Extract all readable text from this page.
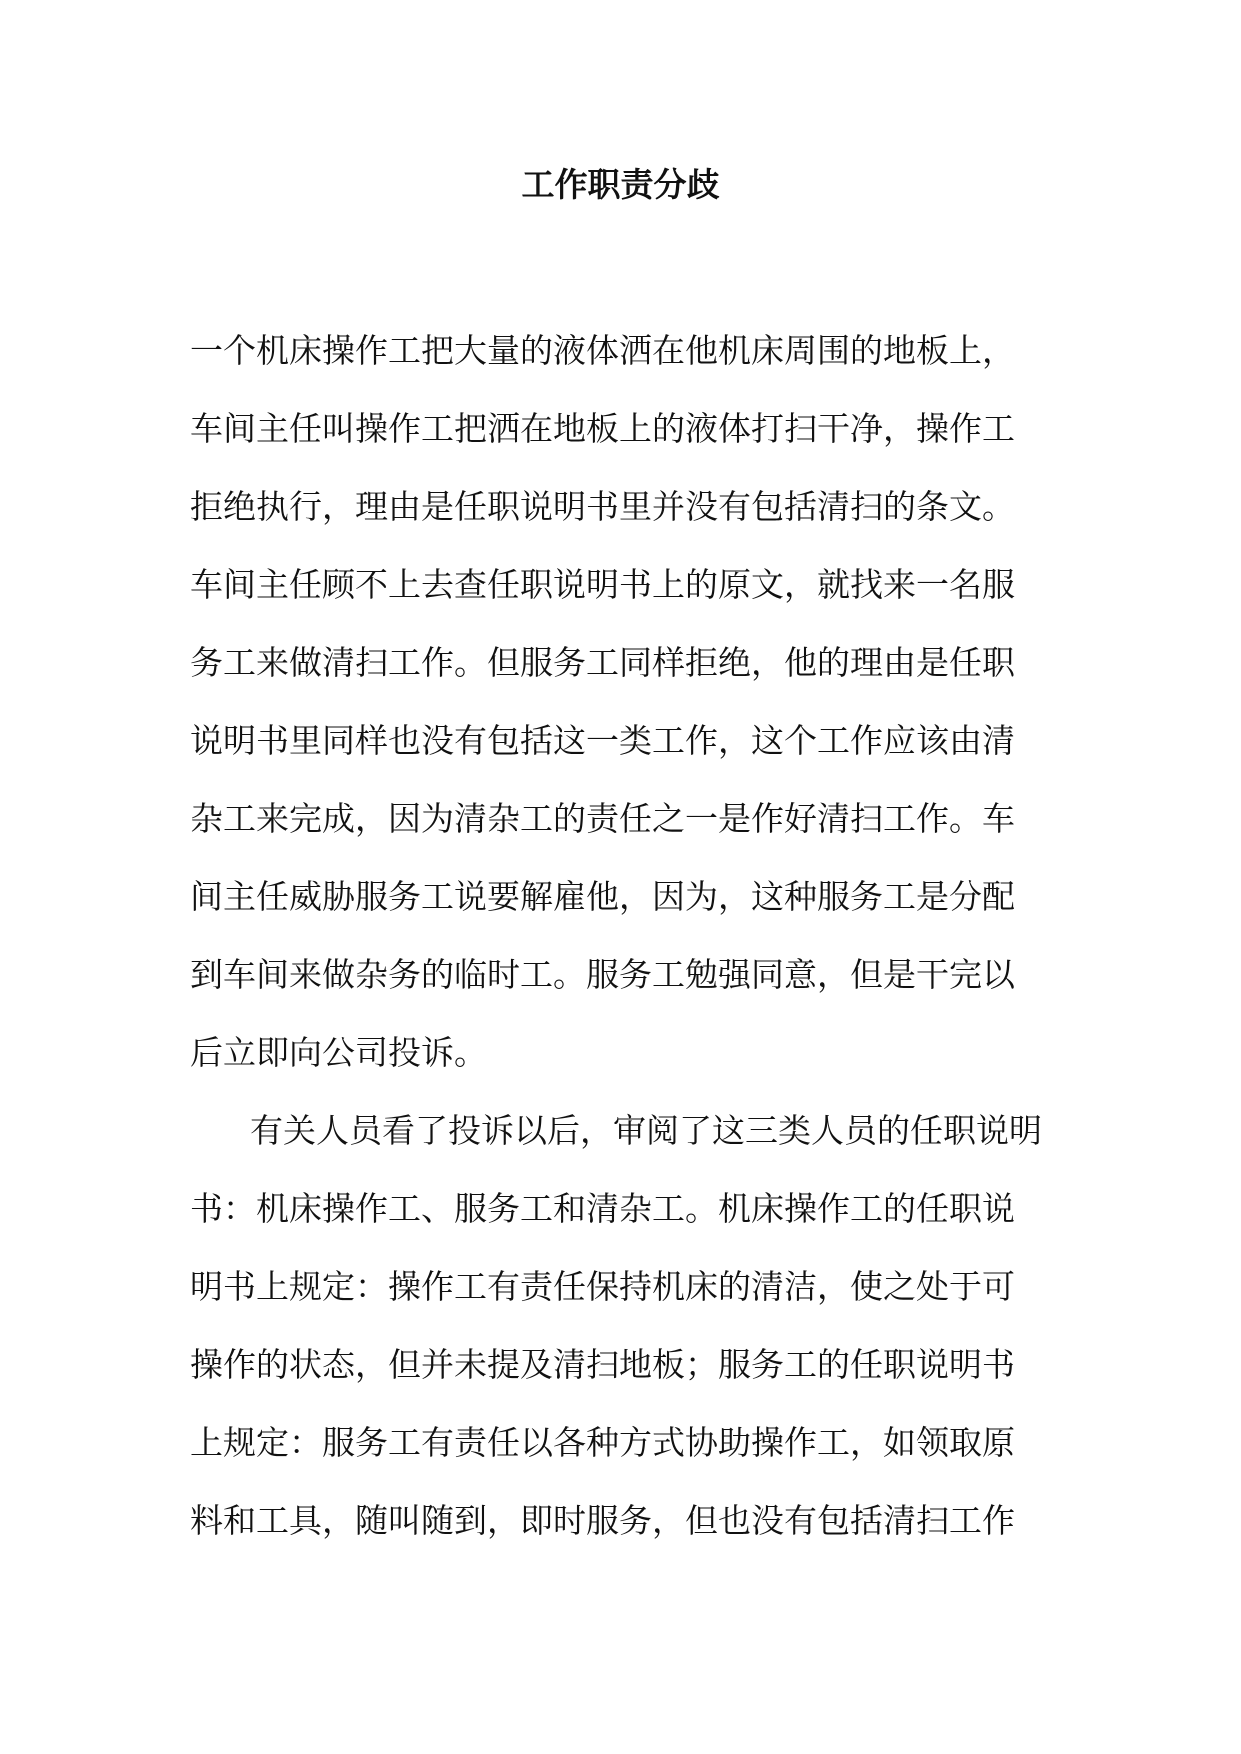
工作职责分歧
一个机床操作工把大量的液体洒在他机床周围的地板上，
车间主任叫操作工把洒在地板上的液体打扫干净，操作工
拒绝执行，理由是任职说明书里并没有包括清扫的条文。
车间主任顾不上去查任职说明书上的原文，就找来一名服
务工来做清扫工作。但服务工同样拒绝，他的理由是任职
说明书里同样也没有包括这一类工作，这个工作应该由清
杂工来完成，因为清杂工的责任之一是作好清扫工作。车
间主任威胁服务工说要解雇他，因为，这种服务工是分配
到车间来做杂务的临时工。服务工勉强同意，但是干完以
后立即向公司投诉。
有关人员看了投诉以后，审阅了这三类人员的任职说明
书：机床操作工、服务工和清杂工。机床操作工的任职说
明书上规定：操作工有责任保持机床的清洁，使之处于可
操作的状态，但并未提及清扫地板；服务工的任职说明书
上规定：服务工有责任以各种方式协助操作工，如领取原
料和工具，随叫随到，即时服务，但也没有包括清扫工作
